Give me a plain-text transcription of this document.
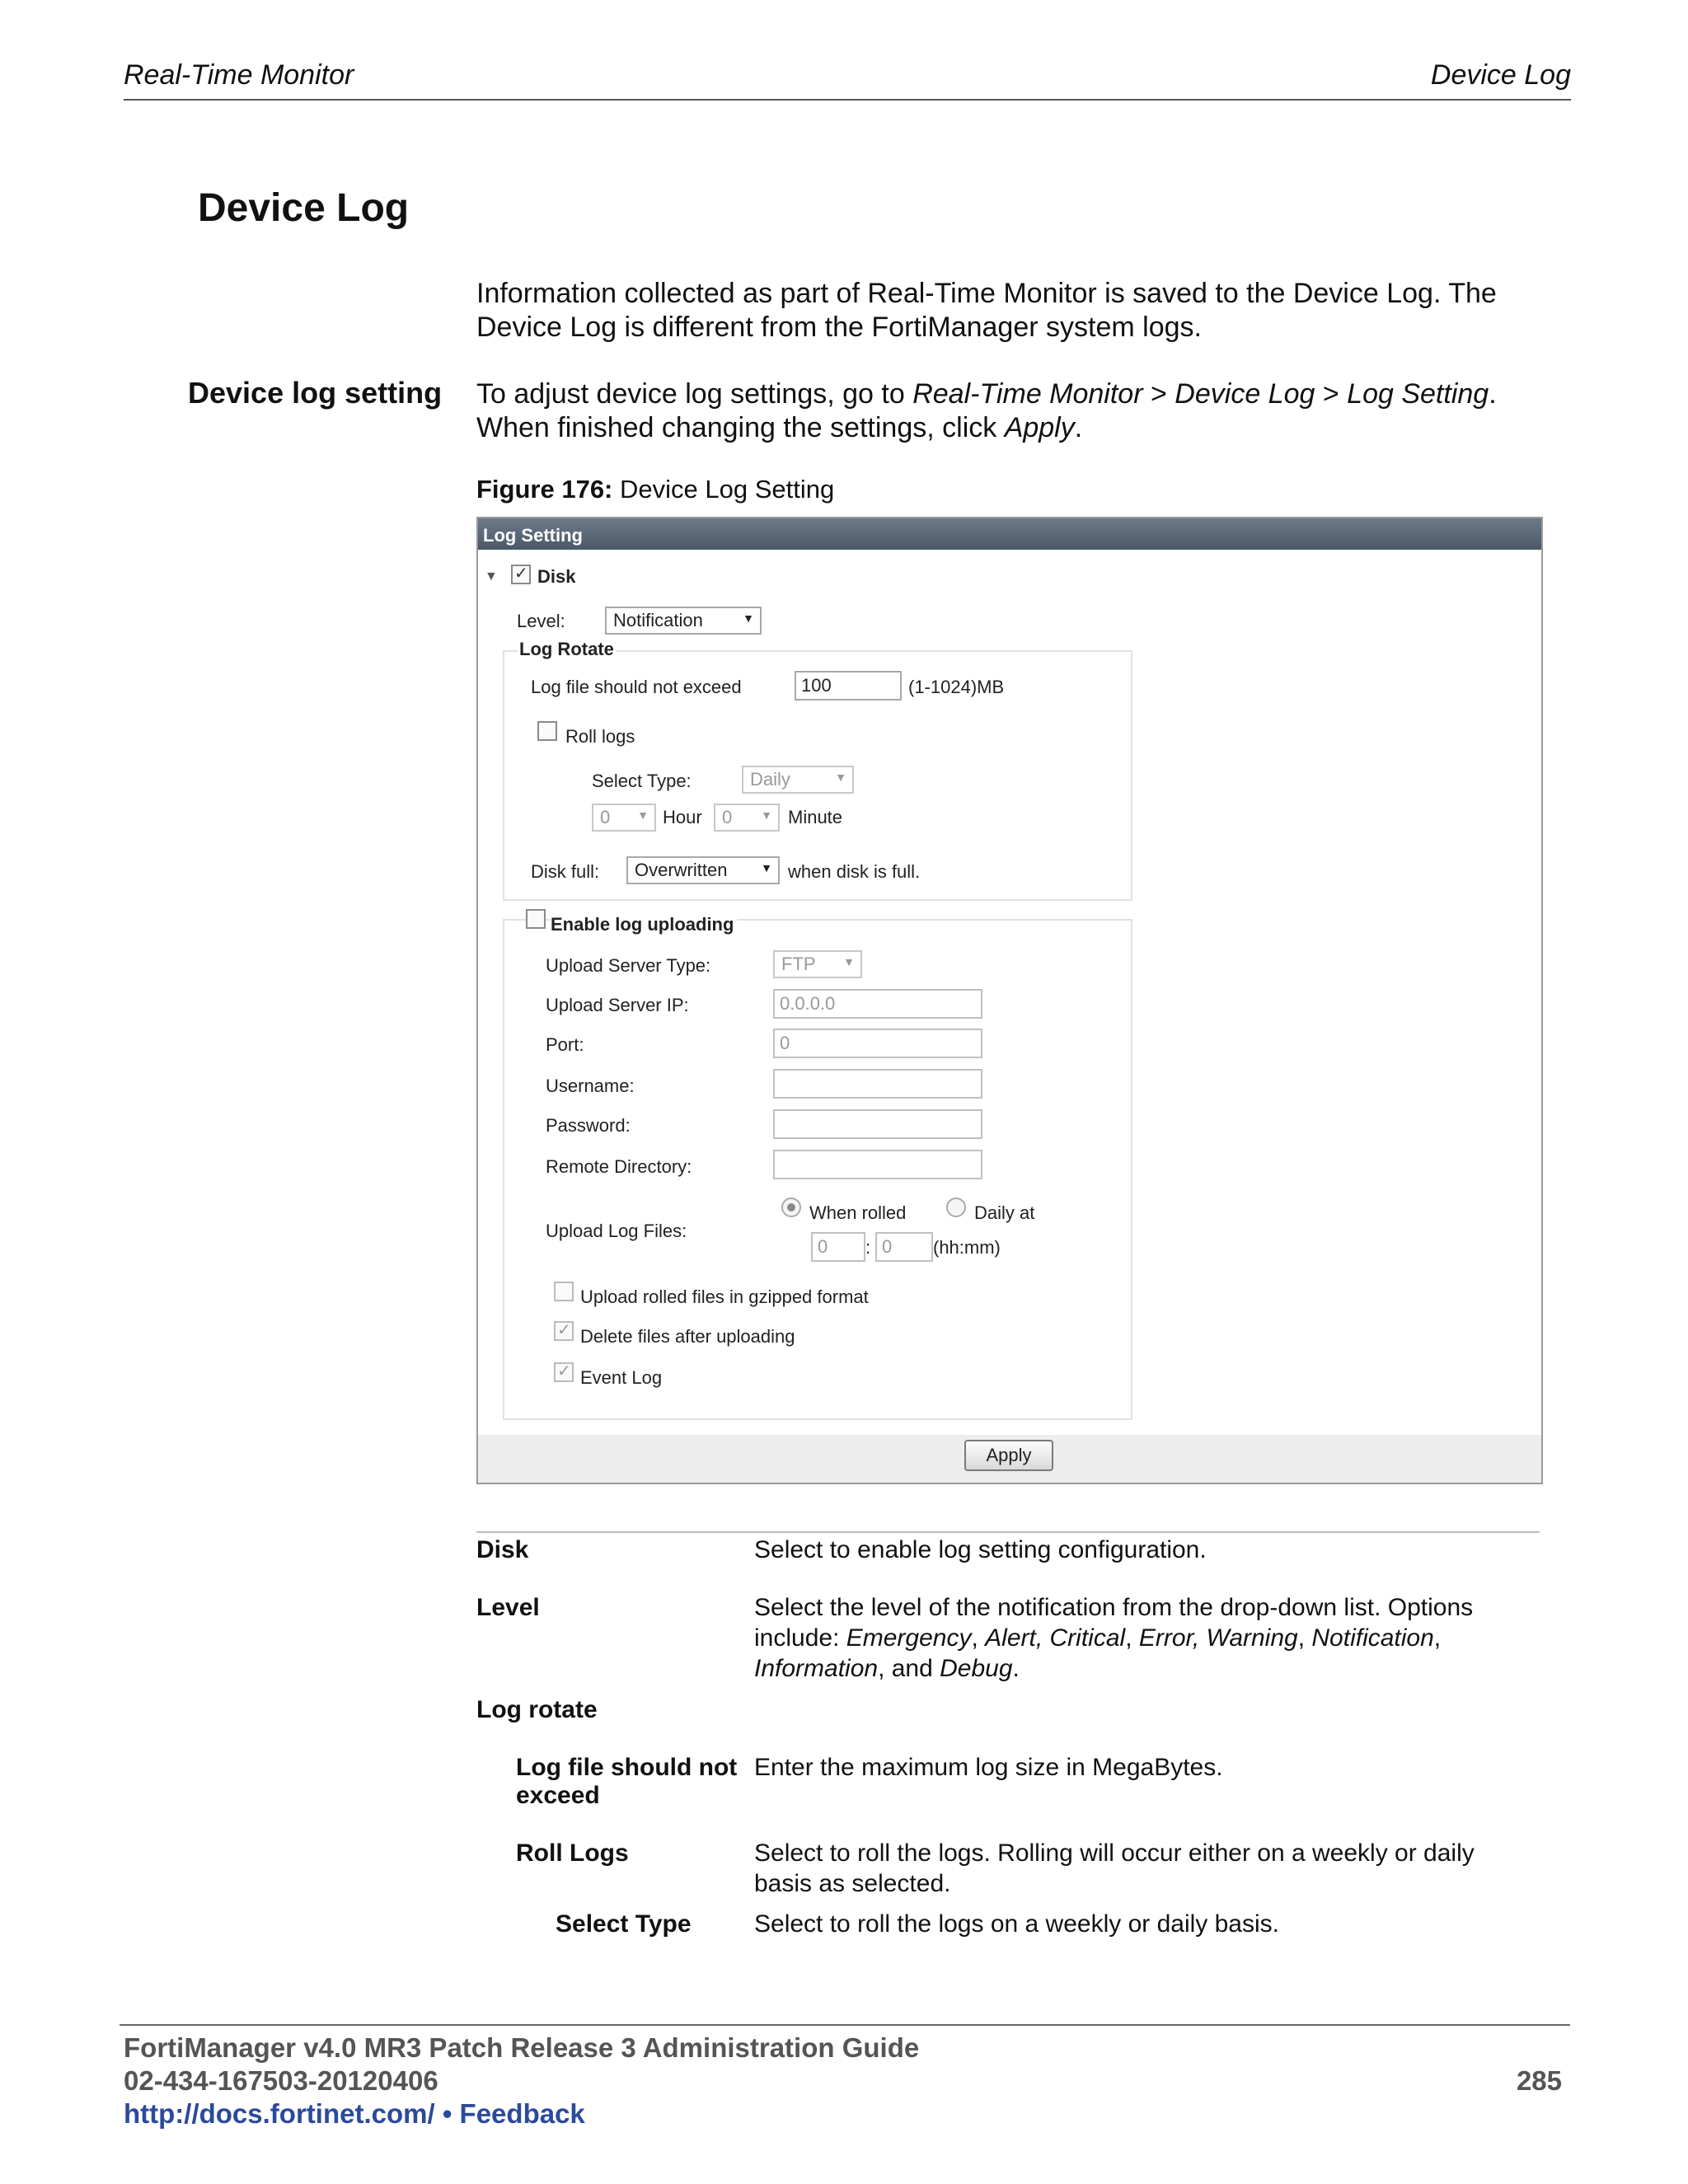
Real-Time Monitor	Device Log
Device Log
Information collected as part of Real-Time Monitor is saved to the Device Log. The Device Log is different from the FortiManager system logs.
Device log setting To adjust device log settings, go to Real-Time Monitor > Device Log > Log Setting. When finished changing the settings, click Apply.
Figure 176: Device Log Setting
Log Setting
▼
✓ Disk
Level:	Notification	▼
Log Rotate
Log file should not exceed	100	(1-1024)MB
Roll logs
Select Type:	Daily	▼
0 ▼ Hour 0 ▼ Minute
Disk full: Overwritten	▼ when disk is full.
Enable log uploading
Upload Server Type:	FTP ▼
Upload Server IP:	0.0.0.0
Port:	0
Username:
Password:
Remote Directory:
Upload Log Files:
When rolled	Daily at
0 : 0 (hh:mm)
Upload rolled files in gzipped format
✓
Delete files after uploading
✓
Event Log
Apply
Disk	Select to enable log setting configuration.
Level	Select the level of the notification from the drop-down list. Options include: Emergency, Alert, Critical, Error, Warning, Notification, Information, and Debug.
Log rotate
Log file should not exceed
Enter the maximum log size in MegaBytes.
Roll Logs	Select to roll the logs. Rolling will occur either on a weekly or daily basis as selected.
Select Type	Select to roll the logs on a weekly or daily basis.
FortiManager v4.0 MR3 Patch Release 3 Administration Guide
02-434-167503-20120406
http://docs.fortinet.com/ • Feedback
285
